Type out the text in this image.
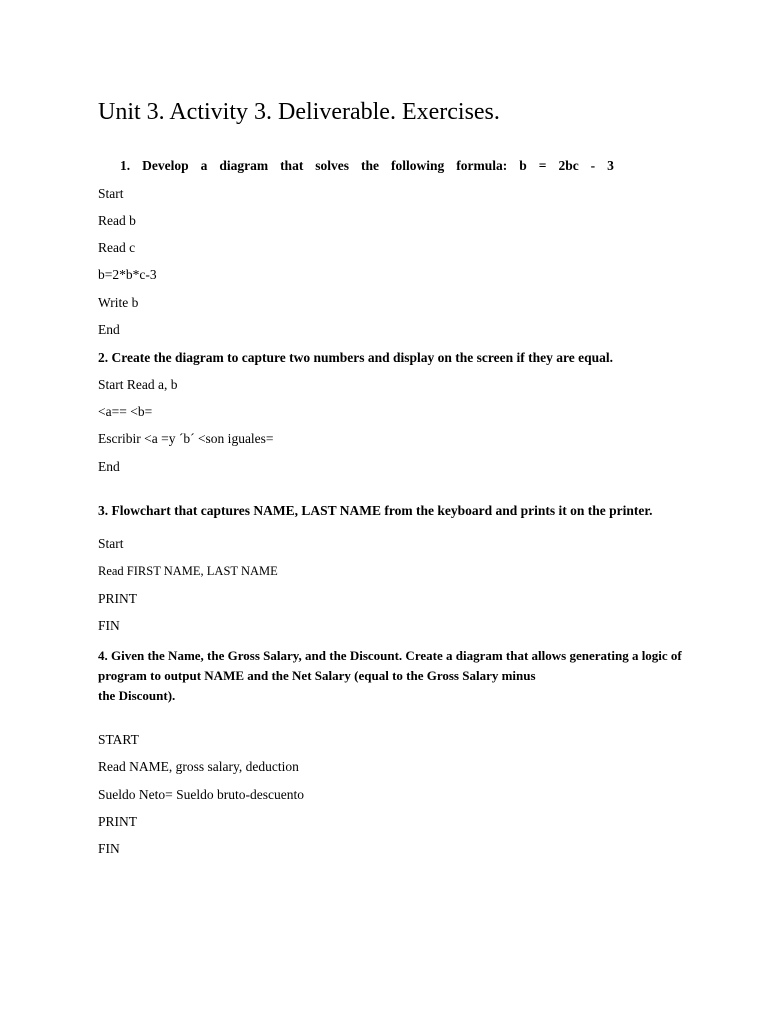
Unit 3. Activity 3. Deliverable. Exercises.
1. Develop a diagram that solves the following formula: b = 2bc - 3
Start
Read b
Read c
b=2*b*c-3
Write b
End
2. Create the diagram to capture two numbers and display on the screen if they are equal.
Start Read a, b
<a== <b=
Escribir <a =y ´b´ <son iguales=
End
3. Flowchart that captures NAME, LAST NAME from the keyboard and prints it on the printer.
Start
Read FIRST NAME, LAST NAME
PRINT
FIN
4. Given the Name, the Gross Salary, and the Discount. Create a diagram that allows generating a logic of
program to output NAME and the Net Salary (equal to the Gross Salary minus
the Discount).
START
Read NAME, gross salary, deduction
Sueldo Neto= Sueldo bruto-descuento
PRINT
FIN
